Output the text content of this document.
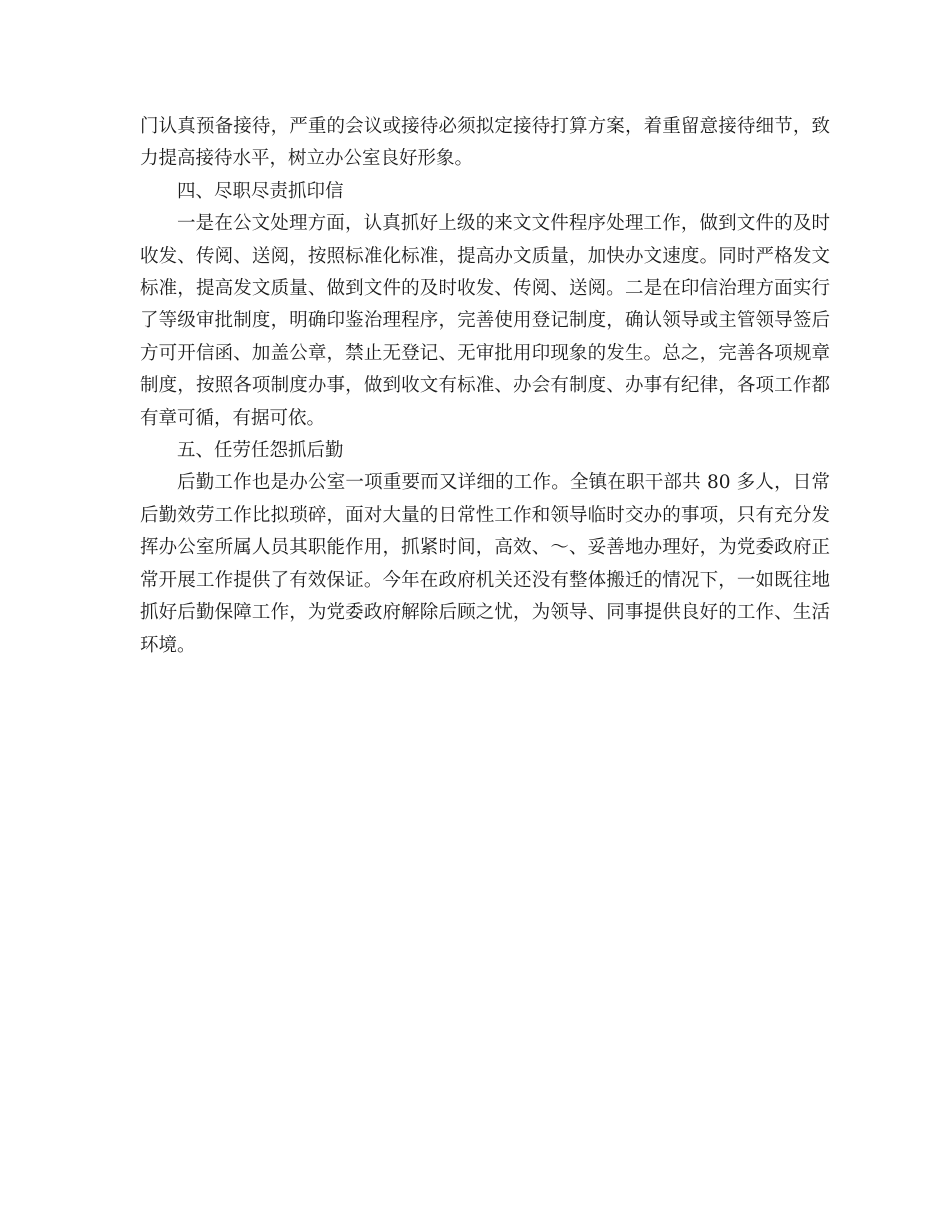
门认真预备接待，严重的会议或接待必须拟定接待打算方案，着重留意接待细节，致力提高接待水平，树立办公室良好形象。

四、尽职尽责抓印信

一是在公文处理方面，认真抓好上级的来文文件程序处理工作，做到文件的及时收发、传阅、送阅，按照标准化标准，提高办文质量，加快办文速度。同时严格发文标准，提高发文质量、做到文件的及时收发、传阅、送阅。二是在印信治理方面实行了等级审批制度，明确印鉴治理程序，完善使用登记制度，确认领导或主管领导签后方可开信函、加盖公章，禁止无登记、无审批用印现象的发生。总之，完善各项规章制度，按照各项制度办事，做到收文有标准、办会有制度、办事有纪律，各项工作都有章可循，有据可依。

五、任劳任怨抓后勤

后勤工作也是办公室一项重要而又详细的工作。全镇在职干部共 80 多人，日常后勤效劳工作比拟琐碎，面对大量的日常性工作和领导临时交办的事项，只有充分发挥办公室所属人员其职能作用，抓紧时间，高效、～、妥善地办理好，为党委政府正常开展工作提供了有效保证。今年在政府机关还没有整体搬迁的情况下，一如既往地抓好后勤保障工作，为党委政府解除后顾之忧，为领导、同事提供良好的工作、生活环境。
